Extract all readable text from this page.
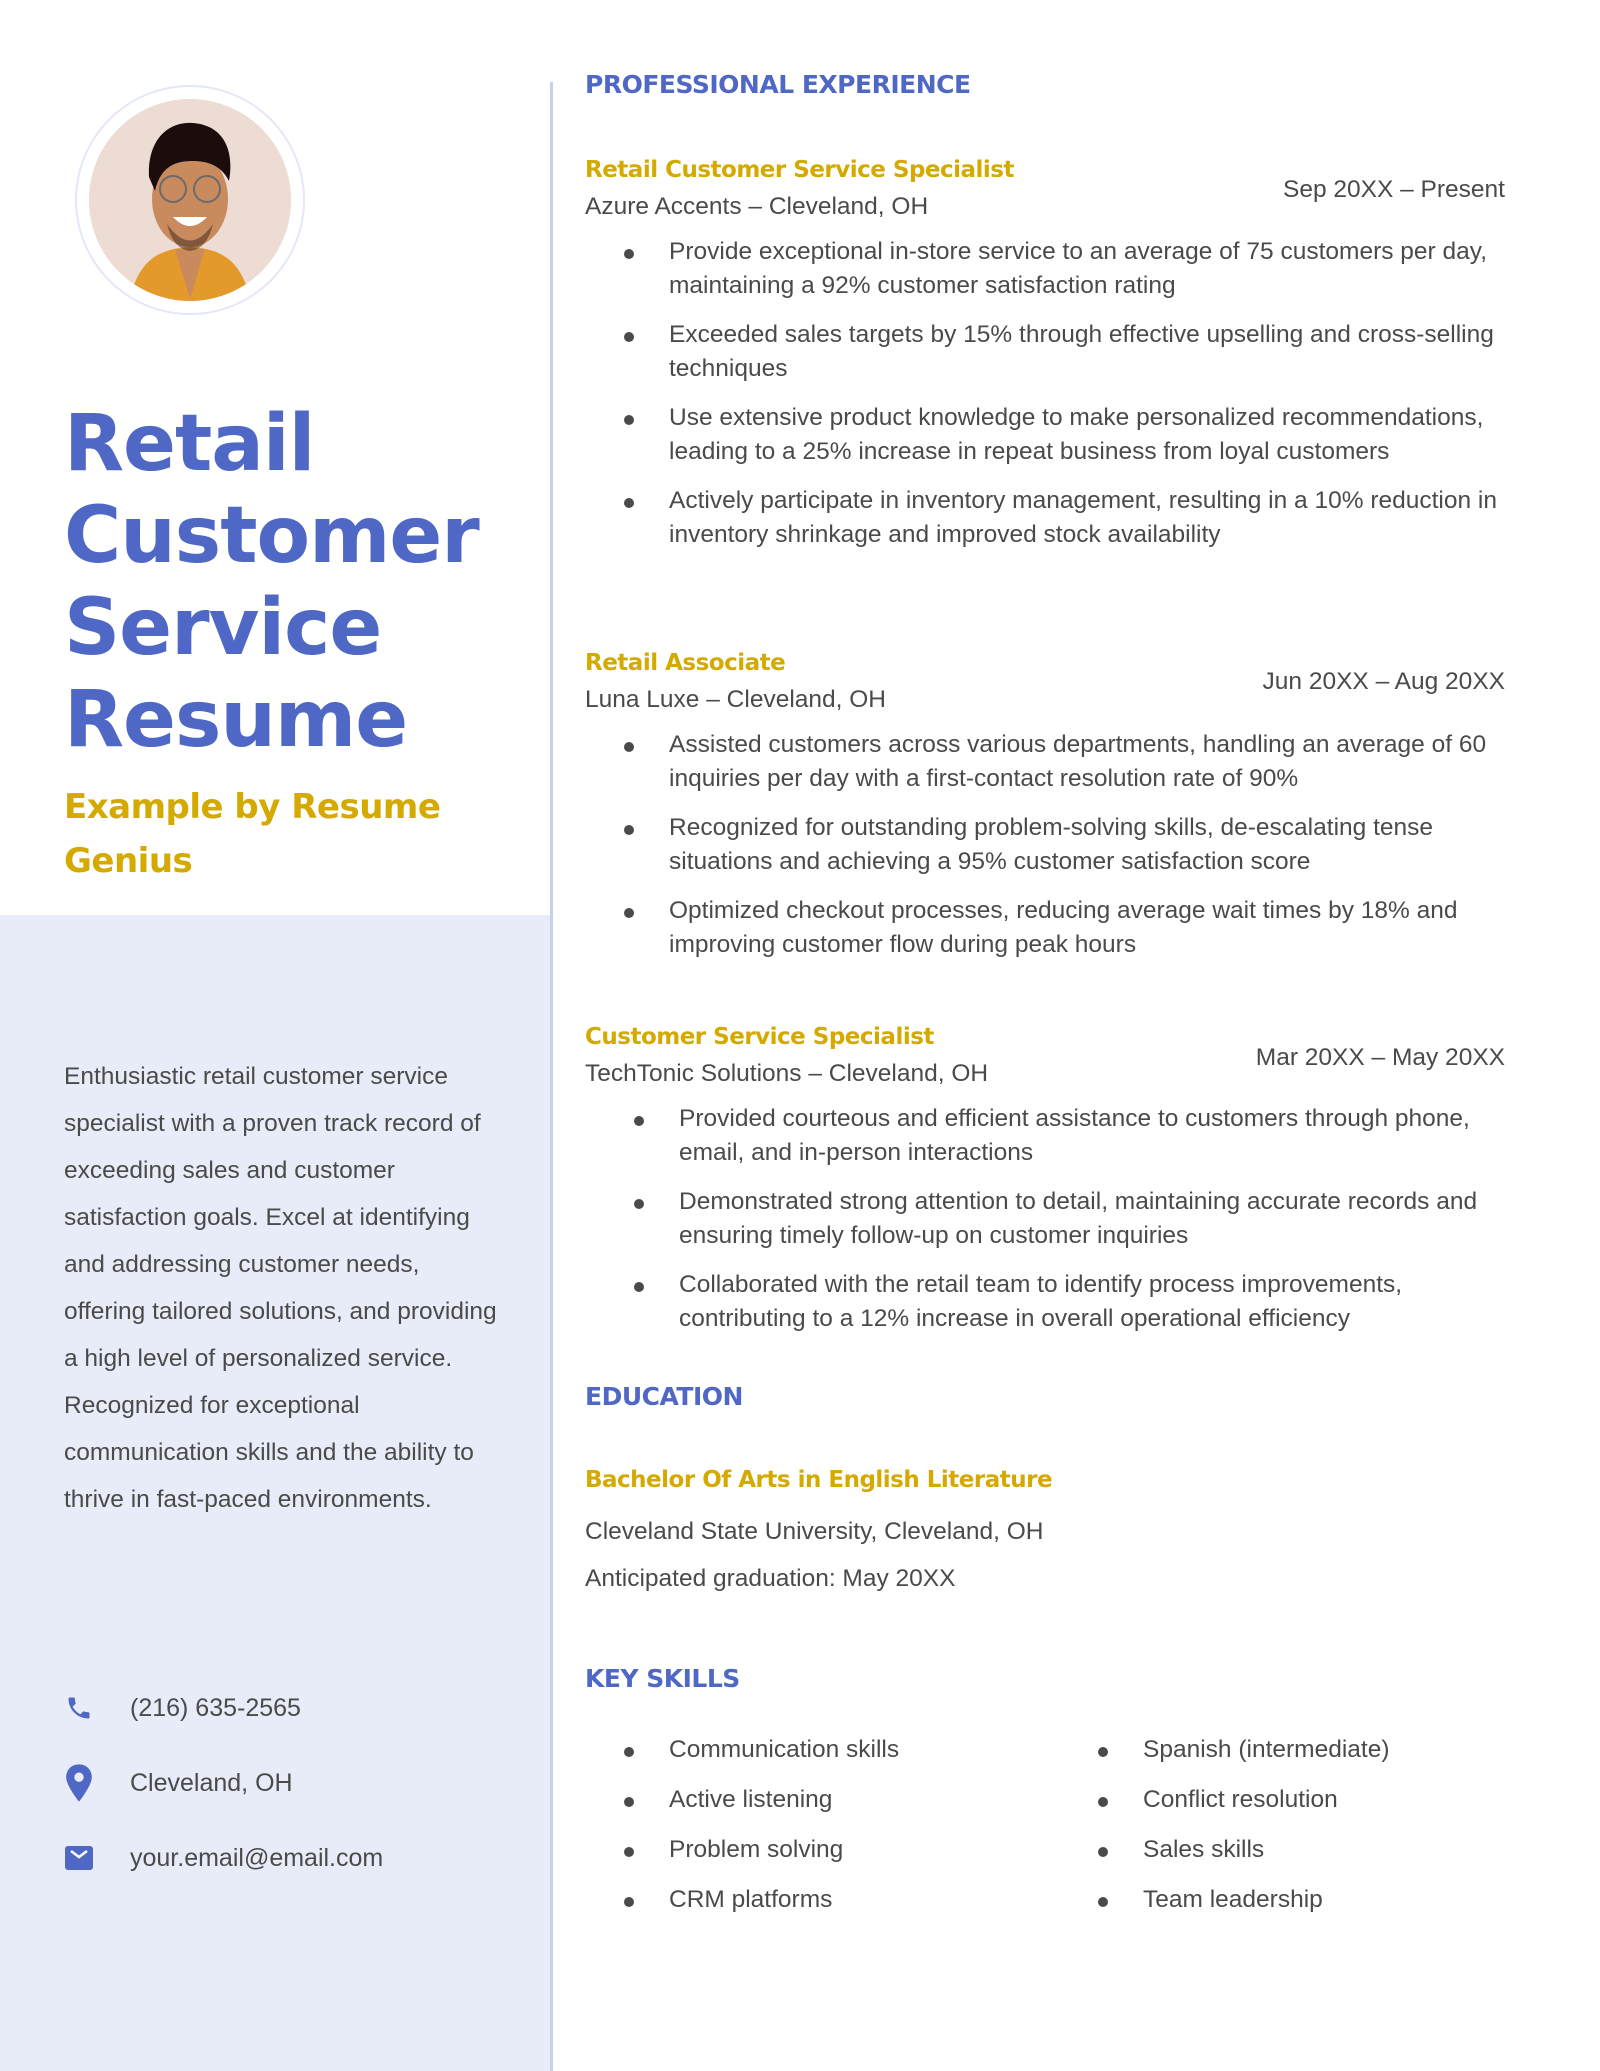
Retail
Customer
Service
Resume
Example by Resume Genius

Enthusiastic retail customer service specialist with a proven track record of exceeding sales and customer satisfaction goals. Excel at identifying and addressing customer needs, offering tailored solutions, and providing a high level of personalized service. Recognized for exceptional communication skills and the ability to thrive in fast-paced environments.

(216) 635-2565
Cleveland, OH
your.email@email.com
PROFESSIONAL EXPERIENCE
Retail Customer Service Specialist
Azure Accents – Cleveland, OH
Sep 20XX – Present
Provide exceptional in-store service to an average of 75 customers per day, maintaining a 92% customer satisfaction rating
Exceeded sales targets by 15% through effective upselling and cross-selling techniques
Use extensive product knowledge to make personalized recommendations, leading to a 25% increase in repeat business from loyal customers
Actively participate in inventory management, resulting in a 10% reduction in inventory shrinkage and improved stock availability
Retail Associate
Luna Luxe – Cleveland, OH
Jun 20XX – Aug 20XX
Assisted customers across various departments, handling an average of 60 inquiries per day with a first-contact resolution rate of 90%
Recognized for outstanding problem-solving skills, de-escalating tense situations and achieving a 95% customer satisfaction score
Optimized checkout processes, reducing average wait times by 18% and improving customer flow during peak hours
Customer Service Specialist
TechTonic Solutions – Cleveland, OH
Mar 20XX – May 20XX
Provided courteous and efficient assistance to customers through phone, email, and in-person interactions
Demonstrated strong attention to detail, maintaining accurate records and ensuring timely follow-up on customer inquiries
Collaborated with the retail team to identify process improvements, contributing to a 12% increase in overall operational efficiency
EDUCATION
Bachelor Of Arts in English Literature
Cleveland State University, Cleveland, OH
Anticipated graduation: May 20XX
KEY SKILLS
Communication skills	Spanish (intermediate)
Active listening	Conflict resolution
Problem solving	Sales skills
CRM platforms	Team leadership
